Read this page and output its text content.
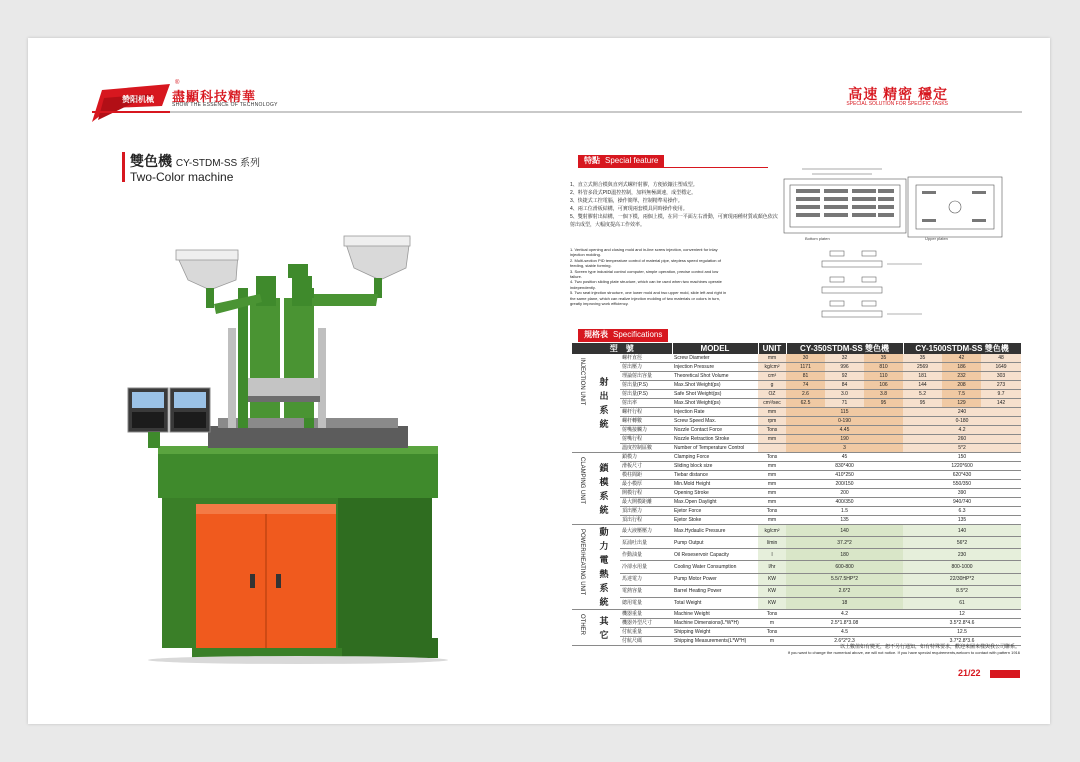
赞阳机械
®
盡顯科技精華
SHOW THE ESSENCE OF TECHNOLOGY
高速 精密 穩定
SPECIAL SOLUTION FOR SPECIFIC TASKS
雙色機 CY-STDM-SS 系列
Two-Color machine
特點 Special feature
1、直立式開合模與直列式螺杆射膠，方便嵌鑲注塑成型。
2、料管多段式PID溫控控制，加料無極調速，成型穩定。
3、快捷式工控電腦，操作簡單，控制精準易操作。
4、兩工位滑板結構，可實現兩套模具同時操作使用。
5、雙射膠射出結構，一個下模，兩個上模，在同一平面左右滑動，可實現兩種材質或顏色依次射出成型，大幅度提高工作效率。
1. Vertical opening and closing mold and in-line screw injection, convenient for inlay
injection molding.
2. Multi-section PID temperature control of material pipe, stepless speed regulation of
feeding, stable forming.
3. Screen type industrial control computer, simple operation, precise control and low
failure.
4. Two position sliding plate structure, which can be used when two machines operate
independently.
5. Two seat injection structure, one lower mold and two upper mold, slide left and right in
the same plane, which can realize injection molding of two materials or colors in turn,
greatly improving work efficiency.
Bottom platen	Upper platen
規格表 Specifications
型　號		MODEL	UNIT	CY-350STDM-SS 雙色機			CY-1500STDM-SS 雙色機		

射出系統
INJECTION UNIT	螺杆直徑	Screw Diameter	mm	30	32	35	35	42	48
	射出壓力	Injection Pressure	kg/cm²	1171	996	810	2569	186	1649
	理論射出容量	Theoretical Shot Volume	cm³	81	92	110	181	232	303
	射出量(P.S)	Max.Shot Weight(ps)	g	74	84	106	144	208	273
	射出量(P.S)	Safe Shot Weight(ps)	OZ	2.6	3.0	3.8	5.2	7.5	9.7
	射出率	Max.Shot Weight(ps)	cm³/sec	62.5	71	95	95	129	142
	螺杆行程	Injection Rate	mm	115			240		
	螺杆轉數	Screw Speed Max.	rpm	0-190			0-180		
	射嘴接觸力	Nozzle Contact Force	Tons	4.45			4.2		
	射嘴行程	Nozzle Retraction Stroke	mm	190			260		
	溫度控制區數	Number of Temperature Control		3			5*2		

鎖模系統
CLAMPING UNIT	鎖模力	Clamping Force	Tons	45			150		
	滑板尺寸	Sliding block size	mm	830*400			1220*600		
	模柱間距	Tiebar distance	mm	410*250			620*430		
	最小模厚	Min.Mold Height	mm	200/150			550/350		
	開模行程	Opening Stroke	mm	200			390		
	最大開模距離	Max.Open Daylight	mm	400/350			940/740		
	頂出壓力	Ejetor Force	Tons	1.5			6.3		
	頂出行程	Ejetor Stoke	mm	135			135		

動力電熱系統
POWER/HEATING UNIT	最大液壓壓力	Max.Hydaulic Pressure	kg/cm²	140			140		
	泵浦吐出量	Pump Output	l/min	37.2*2			56*2		
	作動油量	Oil Reseservoir Capacity	l	180			230		
	冷卻水用量	Cooling Water Consumption	l/hr	600-800			800-1000		
	馬達電力	Pump Motor Power	KW	5.5/7.5HP*2			22/30HP*2		
	電熱容量	Barrel Heating Power	KW	2.6*2			8.5*2		
	總用電量	Total Weight	KW	18			61		

其它
OTHER	機器重量	Machine Weight	Tons	4.2			12		
	機器外型尺寸	Machine Dimensions(L*W*H)	m	2.5*1.8*3.08			3.5*2.8*4.6		
	付航重量	Shipping Weight	Tons	4.5			12.5		
	付航尺碼	Shipping Measurements(L*W*H)	m	2.6*2*2.3			3.7*2.8*3.6		
以上數值如有變更，恕不另行通知，如有特殊要求，歡迎來圖來樣與我公司聯系。
If you want to change the numerical above, we will not notice. If you have special requirements,welcom to contact with pattern 1916
21/22
